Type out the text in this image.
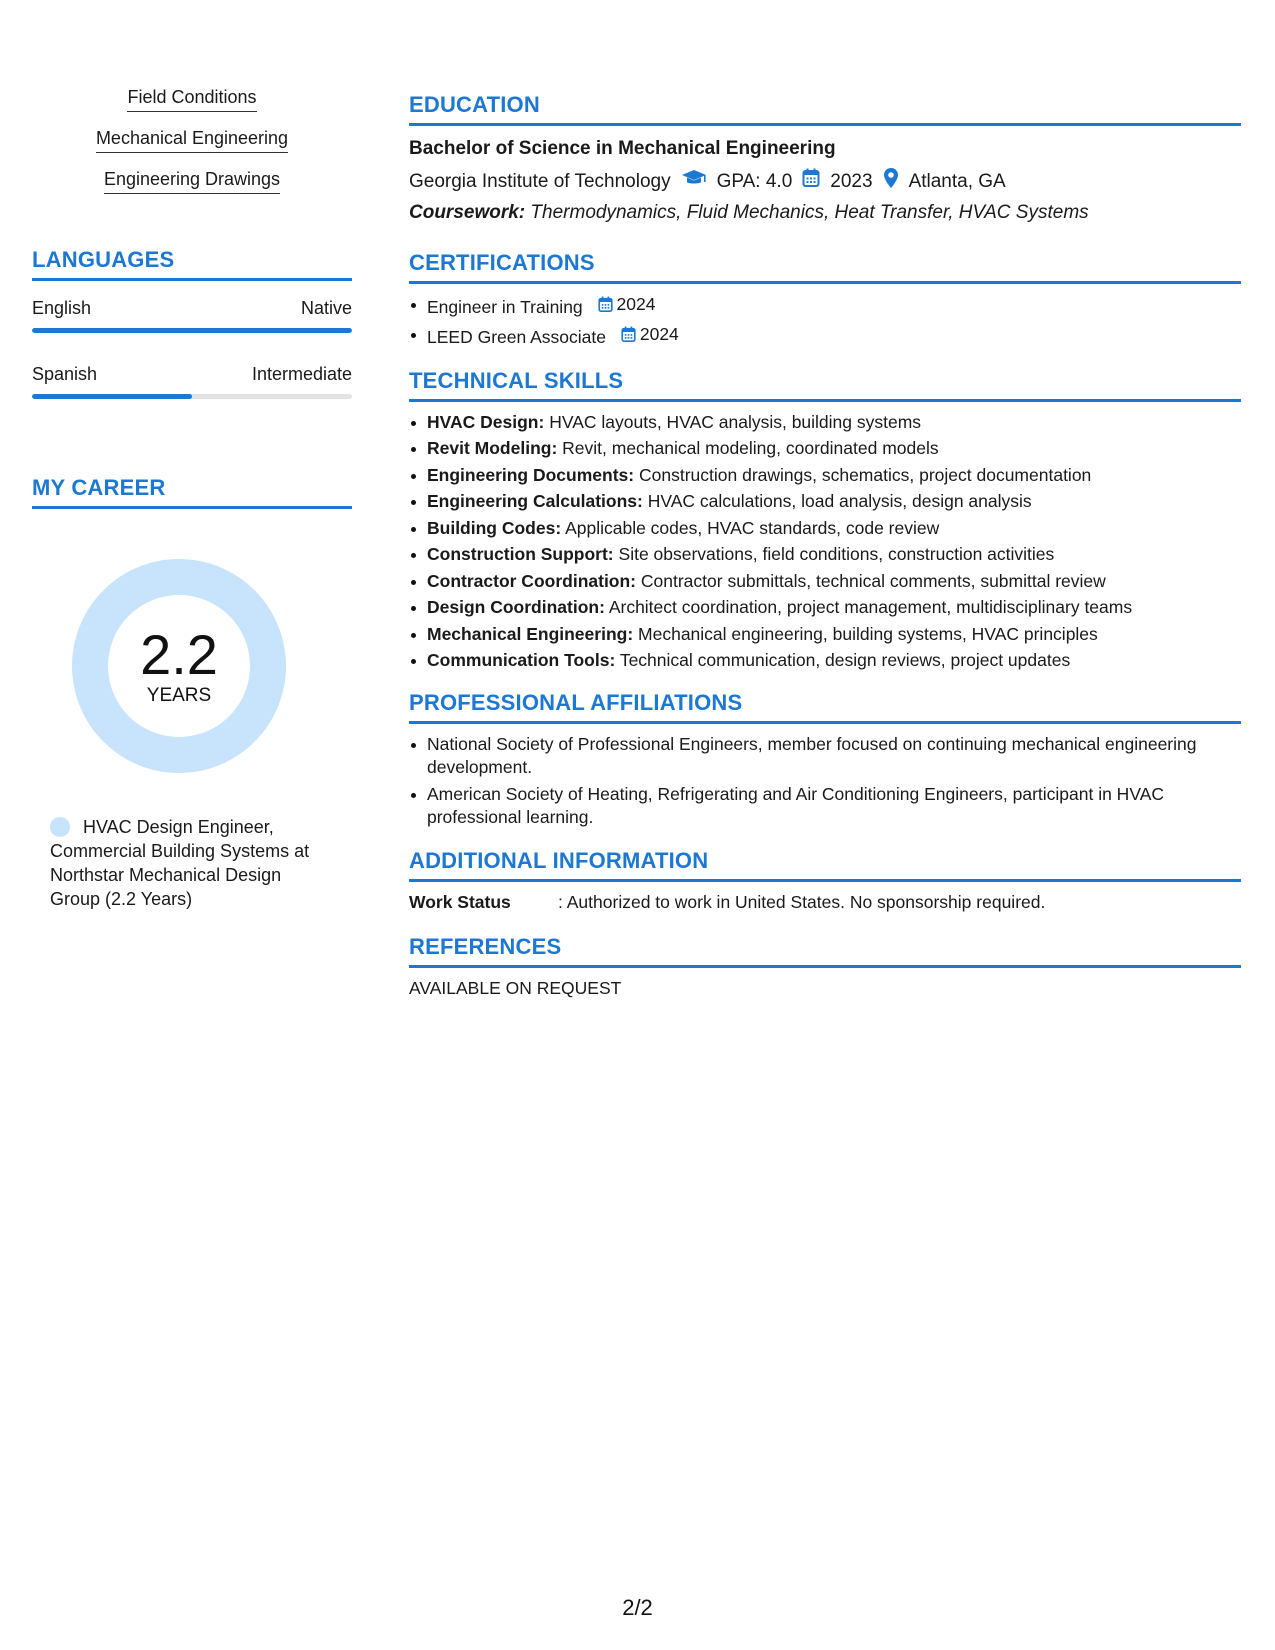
Field Conditions
Mechanical Engineering
Engineering Drawings
LANGUAGES
English	Native
Spanish	Intermediate
MY CAREER
2.2
YEARS
HVAC Design Engineer, Commercial Building Systems at Northstar Mechanical Design Group (2.2 Years)
EDUCATION
Bachelor of Science in Mechanical Engineering
Georgia Institute of Technology GPA: 4.0 2023 Atlanta, GA
Coursework: Thermodynamics, Fluid Mechanics, Heat Transfer, HVAC Systems
CERTIFICATIONS
Engineer in Training 2024
LEED Green Associate 2024
TECHNICAL SKILLS
HVAC Design: HVAC layouts, HVAC analysis, building systems
Revit Modeling: Revit, mechanical modeling, coordinated models
Engineering Documents: Construction drawings, schematics, project documentation
Engineering Calculations: HVAC calculations, load analysis, design analysis
Building Codes: Applicable codes, HVAC standards, code review
Construction Support: Site observations, field conditions, construction activities
Contractor Coordination: Contractor submittals, technical comments, submittal review
Design Coordination: Architect coordination, project management, multidisciplinary teams
Mechanical Engineering: Mechanical engineering, building systems, HVAC principles
Communication Tools: Technical communication, design reviews, project updates
PROFESSIONAL AFFILIATIONS
National Society of Professional Engineers, member focused on continuing mechanical engineering development.
American Society of Heating, Refrigerating and Air Conditioning Engineers, participant in HVAC professional learning.
ADDITIONAL INFORMATION
Work Status	: Authorized to work in United States. No sponsorship required.
REFERENCES
AVAILABLE ON REQUEST
2/2
